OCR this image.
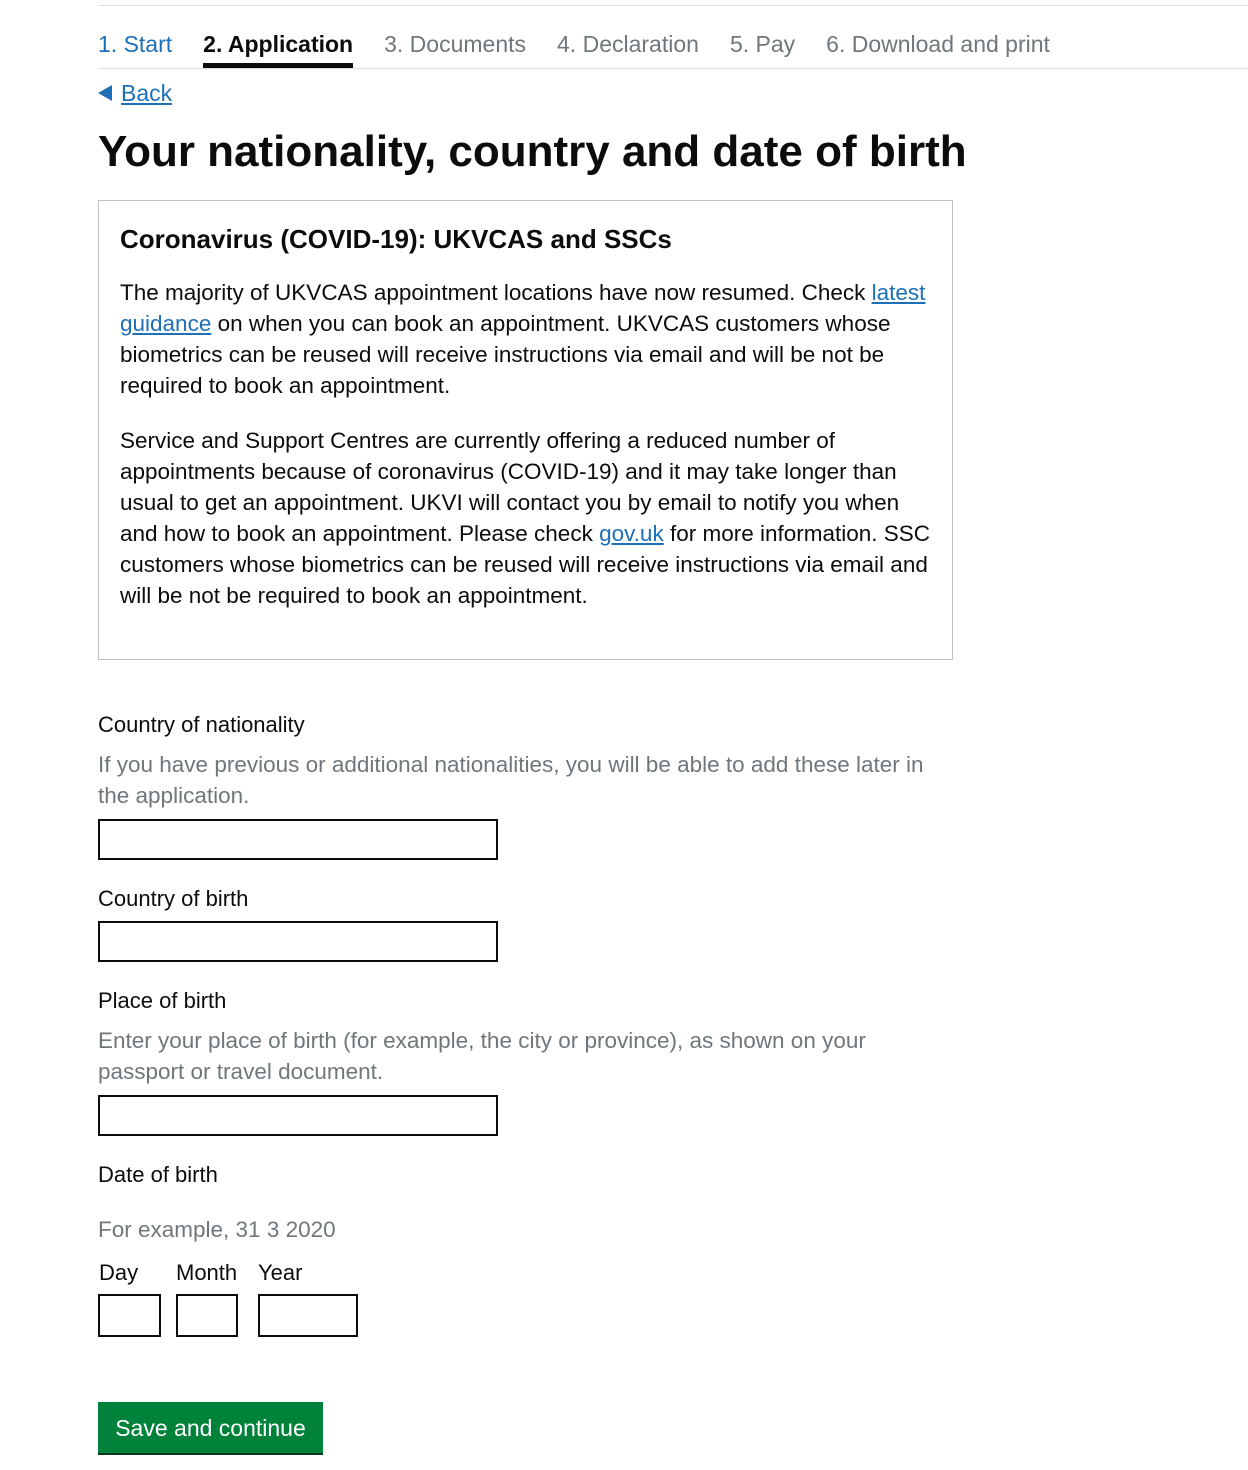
1. Start 2. Application 3. Documents 4. Declaration 5. Pay 6. Download and print
Back
Your nationality, country and date of birth
Coronavirus (COVID-19): UKVCAS and SSCs

The majority of UKVCAS appointment locations have now resumed. Check latest guidance on when you can book an appointment. UKVCAS customers whose biometrics can be reused will receive instructions via email and will be not be required to book an appointment.

Service and Support Centres are currently offering a reduced number of appointments because of coronavirus (COVID-19) and it may take longer than usual to get an appointment. UKVI will contact you by email to notify you when and how to book an appointment. Please check gov.uk for more information. SSC customers whose biometrics can be reused will receive instructions via email and will be not be required to book an appointment.

Country of nationality
If you have previous or additional nationalities, you will be able to add these later in the application.
Country of birth
Place of birth
Enter your place of birth (for example, the city or province), as shown on your passport or travel document.
Date of birth
For example, 31 3 2020
Day Month Year
Save and continue
